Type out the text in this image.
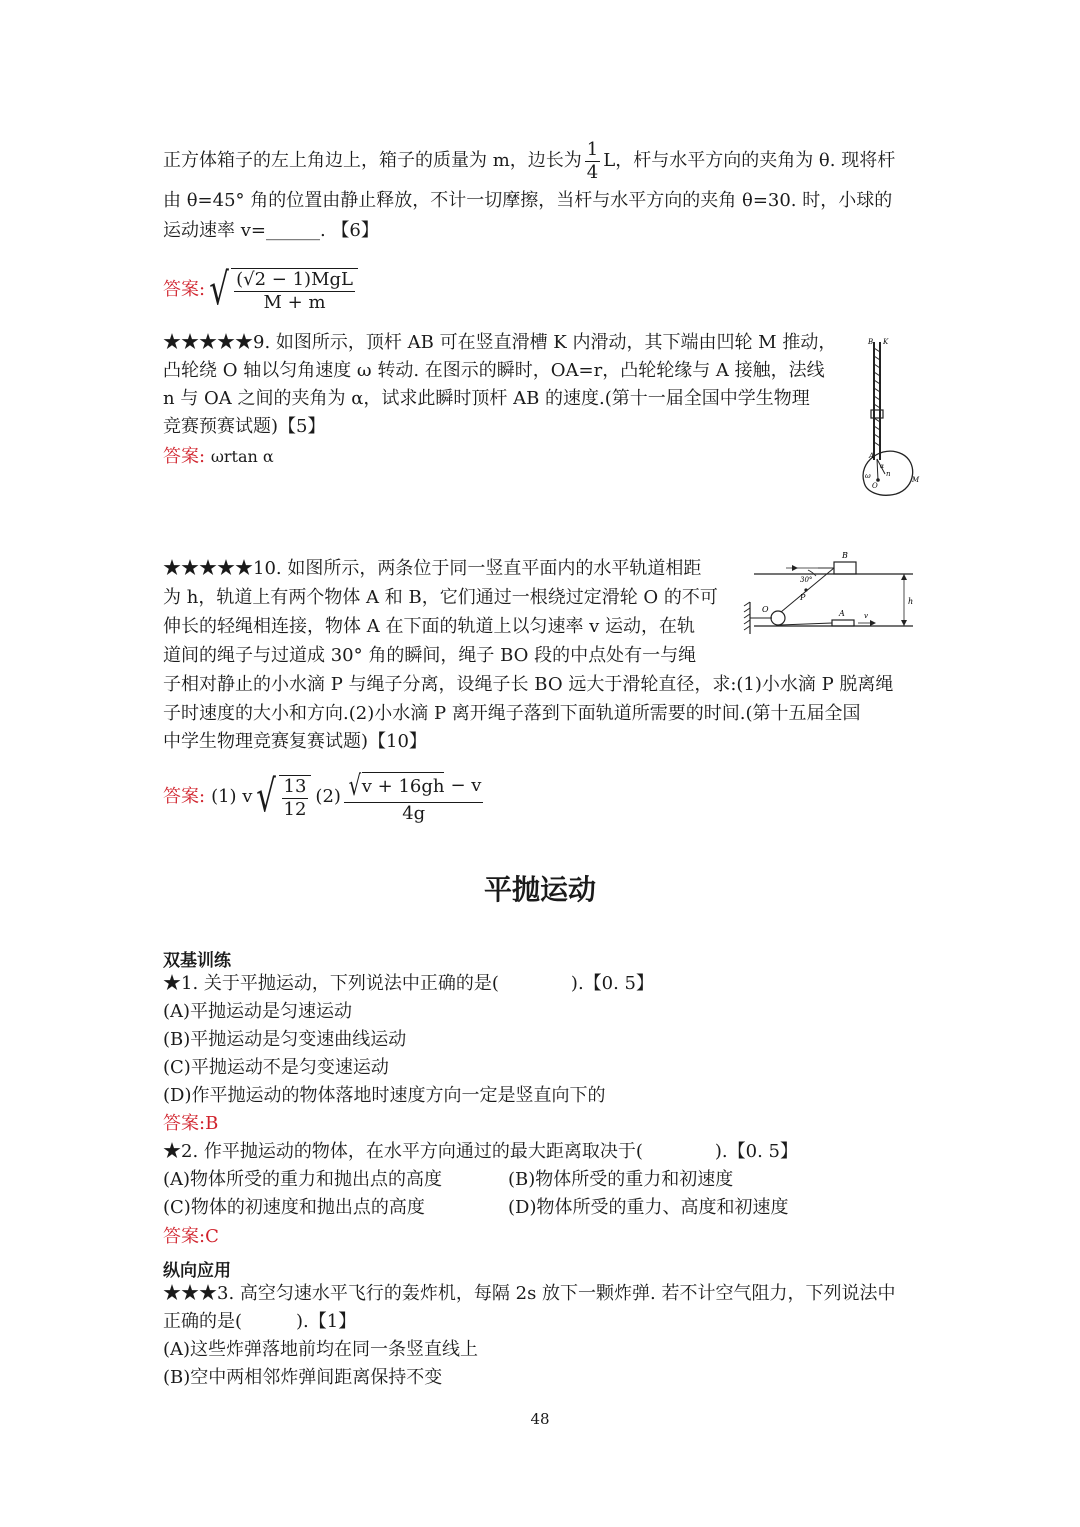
正方体箱子的左上角边上，箱子的质量为 m，边长为 $\frac{1}{4}$ L，杆与水平方向的夹角为 θ. 现将杆
由 θ=45° 角的位置由静止释放，不计一切摩擦，当杆与水平方向的夹角 θ=30. 时，小球的
运动速率 v=______. 【6】
答案: √ (√2 − 1)MgL
M + m
★★★★★9. 如图所示，顶杆 AB 可在竖直滑槽 K 内滑动，其下端由凹轮 M 推动，
凸轮绕 O 轴以匀角速度 ω 转动. 在图示的瞬时，OA=r，凸轮轮缘与 A 接触，法线
n 与 OA 之间的夹角为 α，试求此瞬时顶杆 AB 的速度.(第十一届全国中学生物理
竞赛预赛试题)【5】
答案: ωrtan α
B K
A
n
α
ω
O
M
★★★★★10. 如图所示，两条位于同一竖直平面内的水平轨道相距
为 h，轨道上有两个物体 A 和 B，它们通过一根绕过定滑轮 O 的不可
伸长的轻绳相连接，物体 A 在下面的轨道上以匀速率 v 运动，在轨
道间的绳子与过道成 30° 角的瞬间，绳子 BO 段的中点处有一与绳
子相对静止的小水滴 P 与绳子分离，设绳子长 BO 远大于滑轮直径，求:(1)小水滴 P 脱离绳
子时速度的大小和方向.(2)小水滴 P 离开绳子落到下面轨道所需要的时间.(第十五届全国
中学生物理竞赛复赛试题)【10】
答案: (1) v √ $\frac{13}{12} (2) \frac{√ v + 16gh - v}{4g}$
B
30°
P
O	A	v
h
平抛运动
双基训练
★1. 关于平抛运动，下列说法中正确的是(　　　　).【0. 5】
(A)平抛运动是匀速运动
(B)平抛运动是匀变速曲线运动
(C)平抛运动不是匀变速运动
(D)作平抛运动的物体落地时速度方向一定是竖直向下的
答案:B
★2. 作平抛运动的物体，在水平方向通过的最大距离取决于(　　　　).【0. 5】
(A)物体所受的重力和抛出点的高度	(B)物体所受的重力和初速度
(C)物体的初速度和抛出点的高度	(D)物体所受的重力、高度和初速度
答案:C
纵向应用
★★★3. 高空匀速水平飞行的轰炸机，每隔 2s 放下一颗炸弹. 若不计空气阻力，下列说法中
正确的是(　　　).【1】
(A)这些炸弹落地前均在同一条竖直线上
(B)空中两相邻炸弹间距离保持不变
48
